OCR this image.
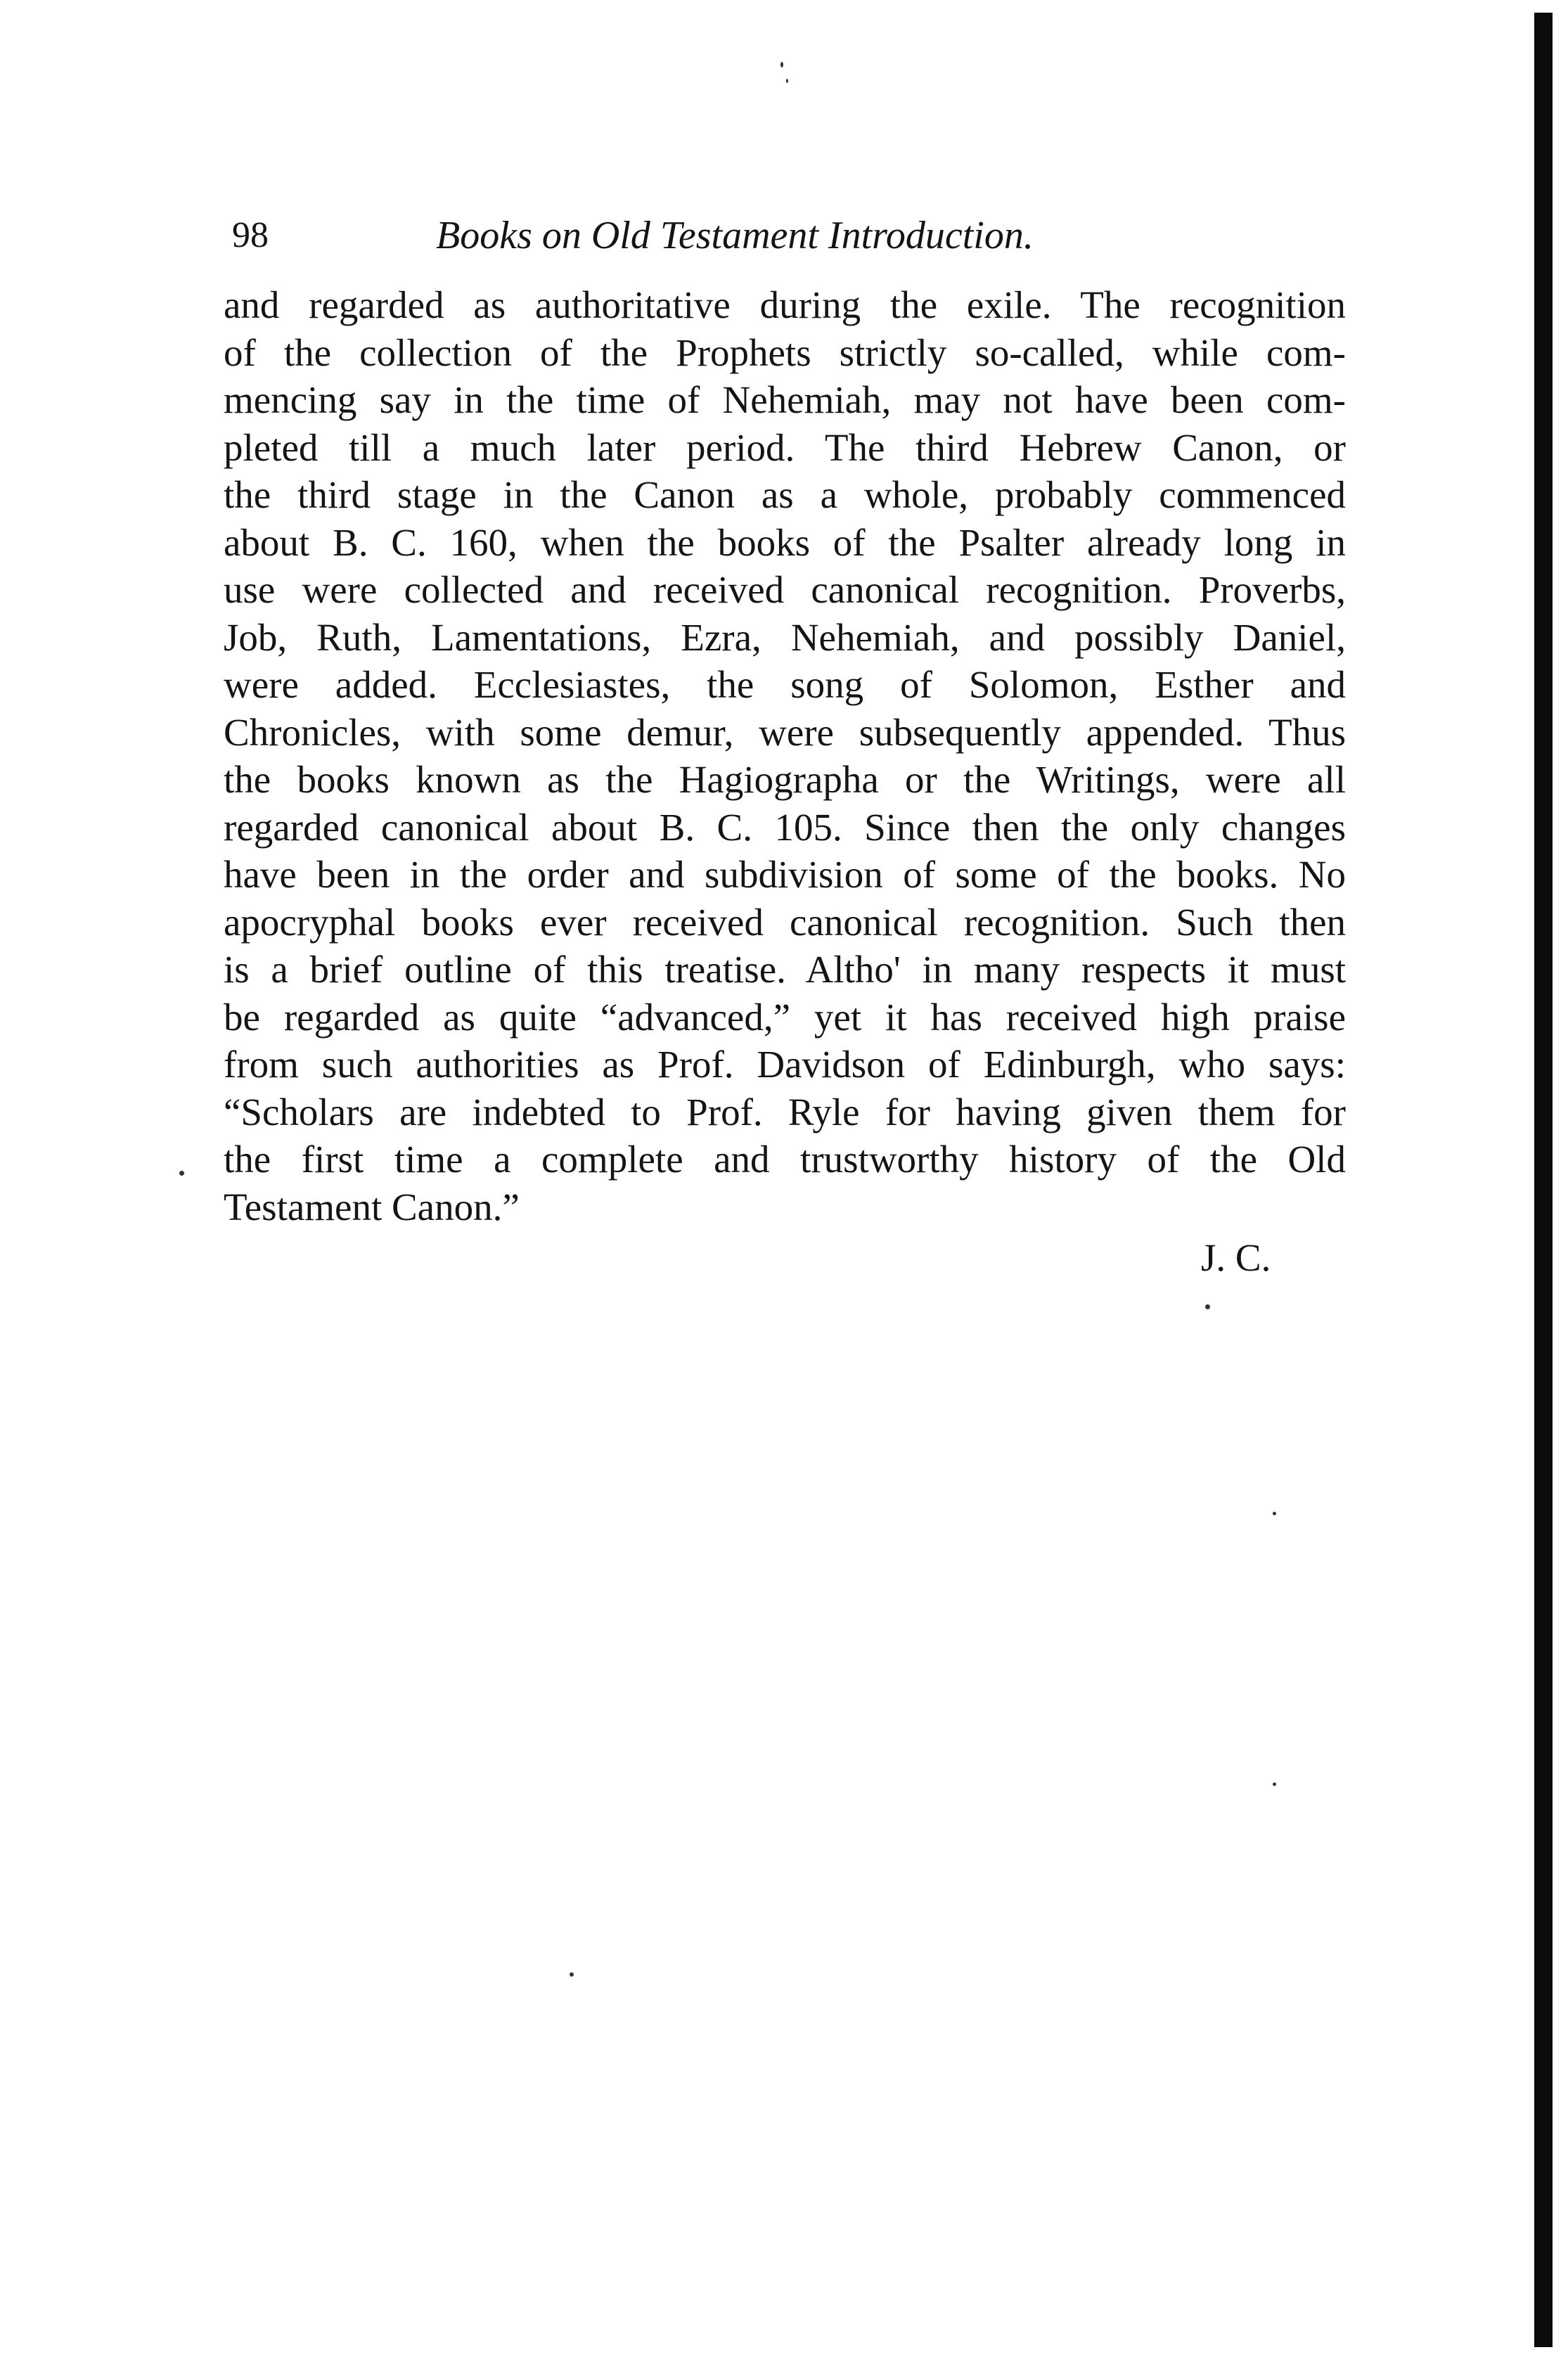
98	Books on Old Testament Introduction.
and regarded as authoritative during the exile. The recognition
of the collection of the Prophets strictly so-called, while com-
mencing say in the time of Nehemiah, may not have been com-
pleted till a much later period. The third Hebrew Canon, or
the third stage in the Canon as a whole, probably commenced
about B. C. 160, when the books of the Psalter already long in
use were collected and received canonical recognition. Proverbs,
Job, Ruth, Lamentations, Ezra, Nehemiah, and possibly Daniel,
were added. Ecclesiastes, the song of Solomon, Esther and
Chronicles, with some demur, were subsequently appended. Thus
the books known as the Hagiographa or the Writings, were all
regarded canonical about B. C. 105. Since then the only changes
have been in the order and subdivision of some of the books. No
apocryphal books ever received canonical recognition. Such then
is a brief outline of this treatise. Altho' in many respects it must
be regarded as quite “advanced,” yet it has received high praise
from such authorities as Prof. Davidson of Edinburgh, who says:
“Scholars are indebted to Prof. Ryle for having given them for
the first time a complete and trustworthy history of the Old
Testament Canon.”
J. C.
